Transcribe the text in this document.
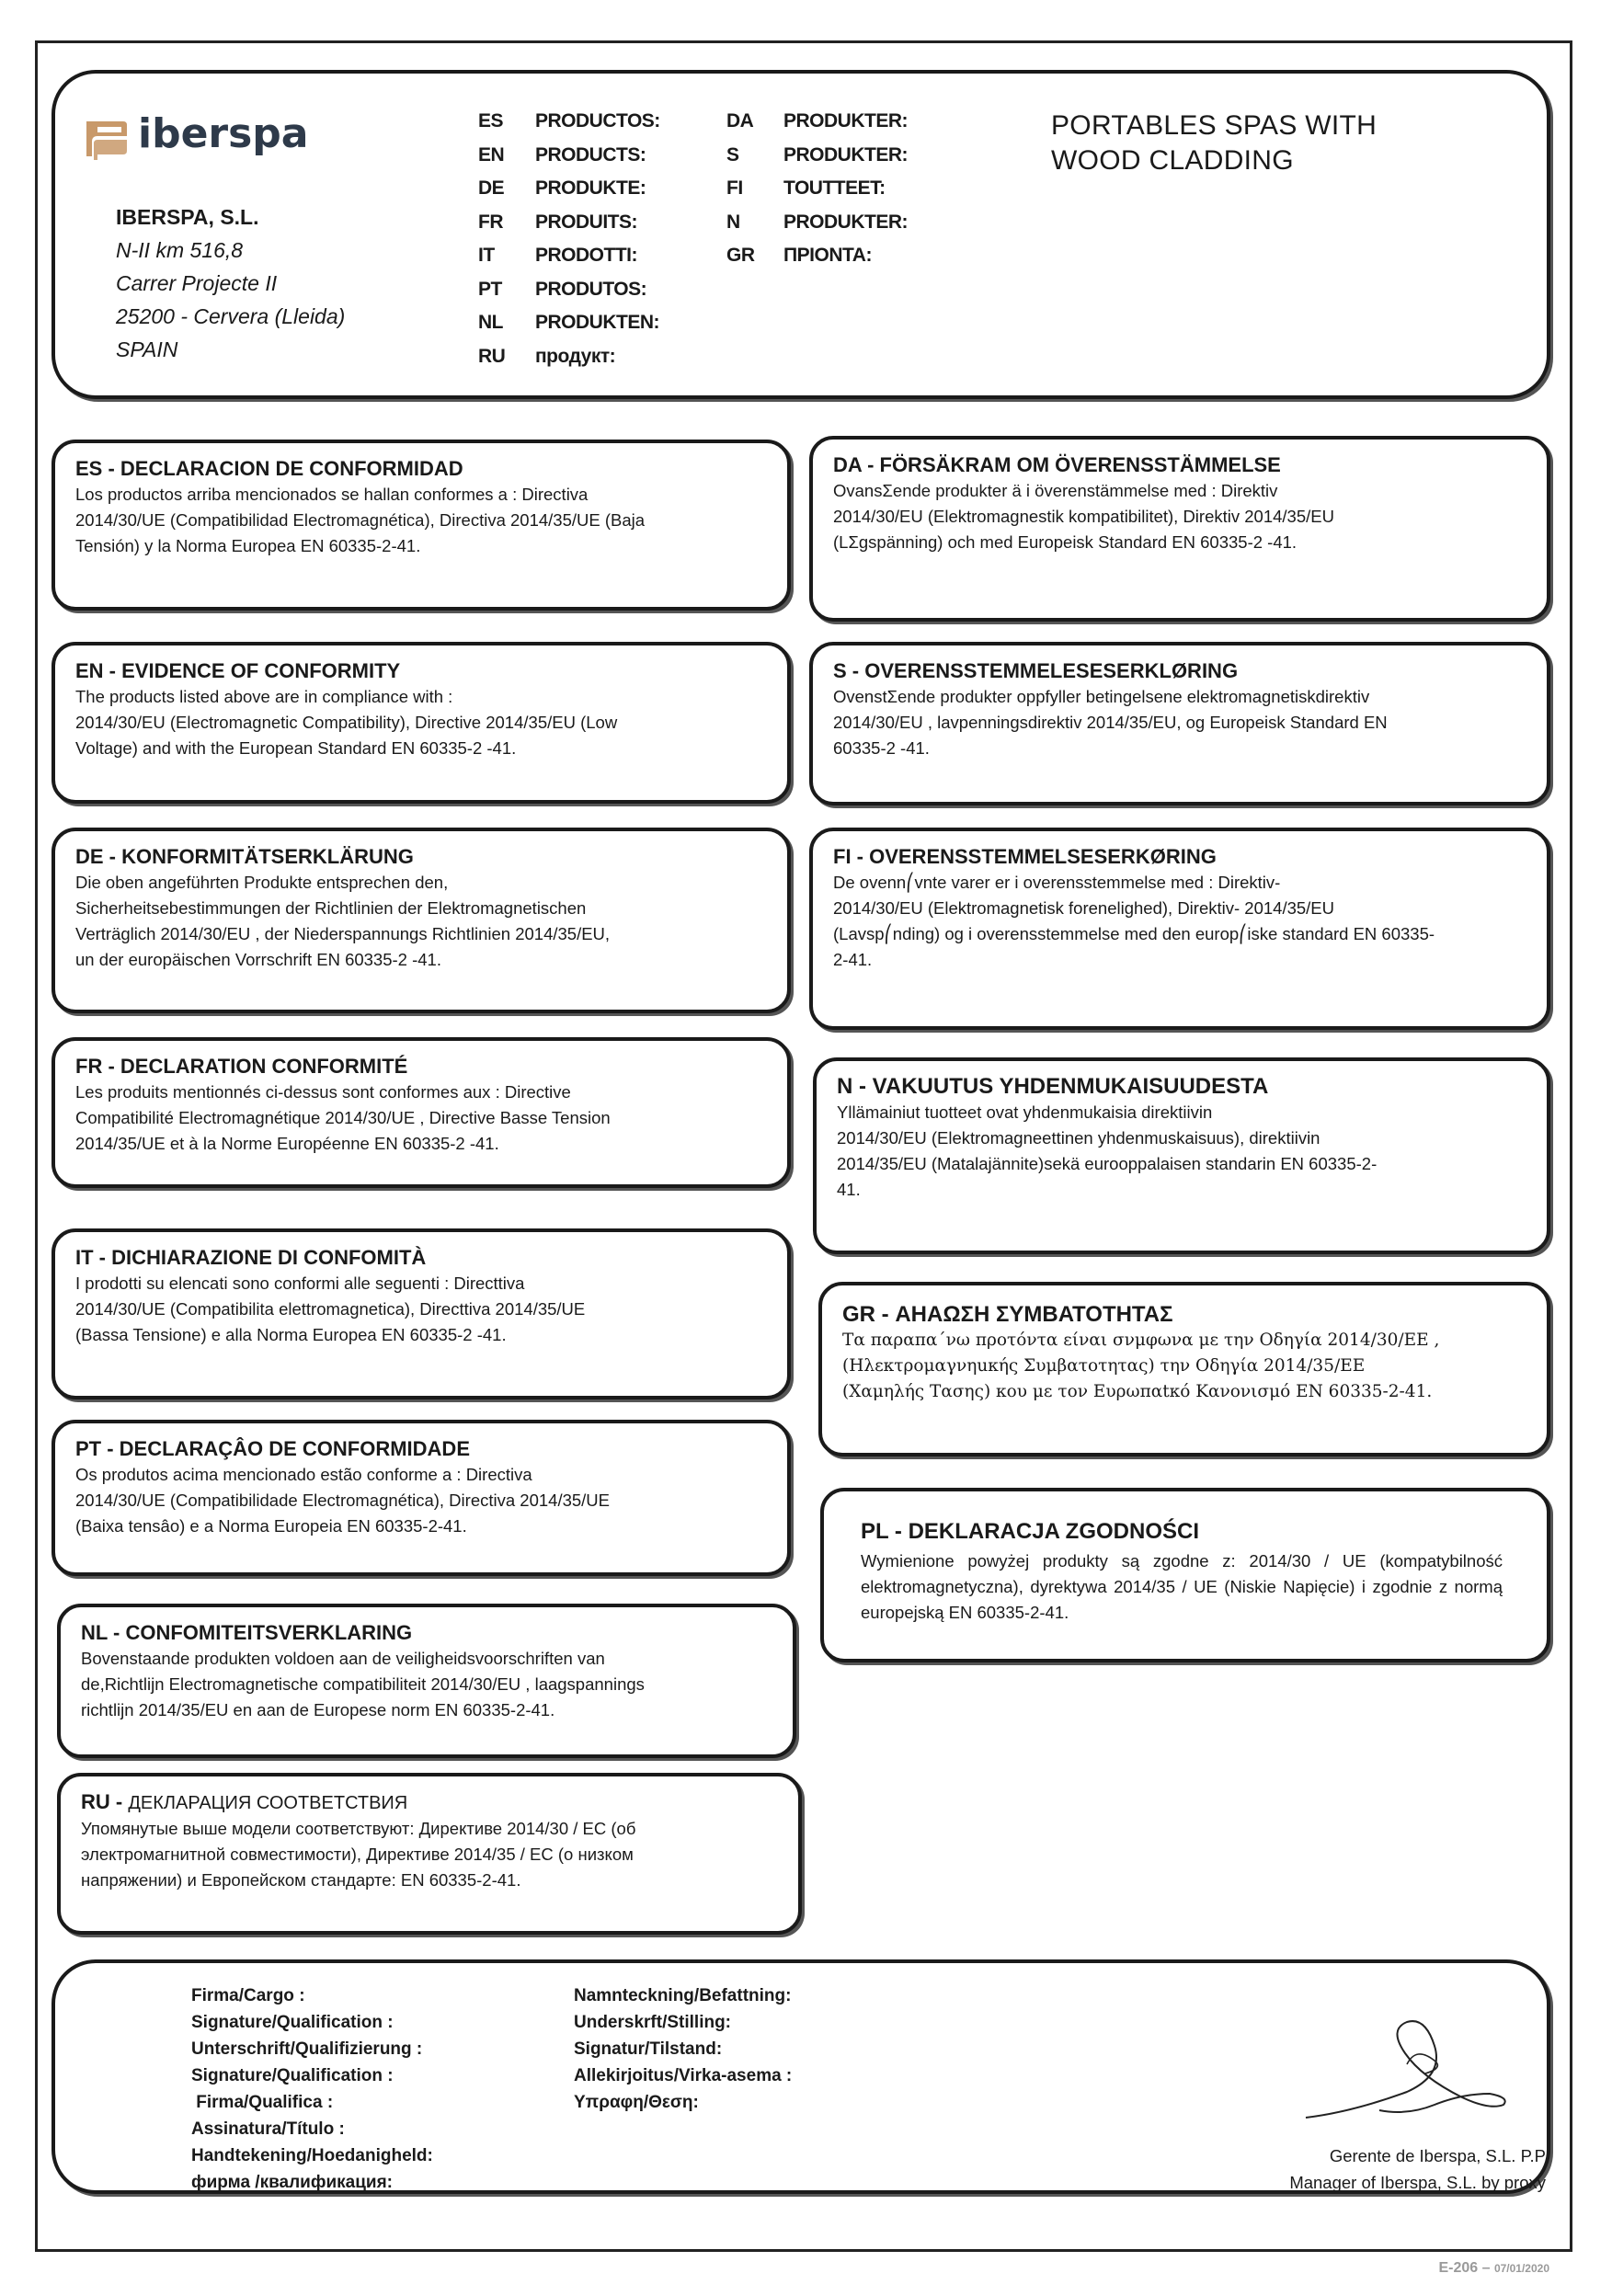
iberspa
IBERSPA, S.L.
N-II km 516,8
Carrer Projecte II
25200 - Cervera (Lleida)
SPAIN
ES
EN
DE
FR
IT
PT
NL
RU
PRODUCTOS:
PRODUCTS:
PRODUKTE:
PRODUITS:
PRODOTTI:
PRODUTOS:
PRODUKTEN:
продукт:
DA
S
FI
N
GR
PRODUKTER:
PRODUKTER:
TOUTTEET:
PRODUKTER:
ΠΡΙΟΝΤΑ:
PORTABLES SPAS WITH
WOOD CLADDING
ES - DECLARACION DE CONFORMIDAD
Los productos arriba mencionados se hallan conformes a : Directiva
2014/30/UE (Compatibilidad Electromagnética), Directiva 2014/35/UE (Baja
Tensión) y la Norma Europea EN 60335-2-41.
EN - EVIDENCE OF CONFORMITY
The products listed above are in compliance with :
2014/30/EU (Electromagnetic Compatibility), Directive 2014/35/EU (Low
Voltage) and with the European Standard EN 60335-2 -41.
DE - KONFORMITÄTSERKLÄRUNG
Die oben angeführten Produkte entsprechen den,
Sicherheitsebestimmungen der Richtlinien der Elektromagnetischen
Verträglich 2014/30/EU , der Niederspannungs Richtlinien 2014/35/EU,
un der europäischen Vorrschrift EN 60335-2 -41.
FR - DECLARATION CONFORMITÉ
Les produits mentionnés ci-dessus sont conformes aux : Directive
Compatibilité Electromagnétique 2014/30/UE , Directive Basse Tension
2014/35/UE et à la Norme Européenne EN 60335-2 -41.
IT - DICHIARAZIONE DI CONFOMITÀ
I prodotti su elencati sono conformi alle seguenti : Directtiva
2014/30/UE (Compatibilita elettromagnetica), Directtiva 2014/35/UE
(Bassa Tensione) e alla Norma Europea EN 60335-2 -41.
PT - DECLARAÇÂO DE CONFORMIDADE
Os produtos acima mencionado estão conforme a : Directiva
2014/30/UE (Compatibilidade Electromagnética), Directiva 2014/35/UE
(Baixa tensâo) e a Norma Europeia EN 60335-2-41.
NL - CONFOMITEITSVERKLARING
Bovenstaande produkten voldoen aan de veiligheidsvoorschriften van
de,Richtlijn Electromagnetische compatibiliteit 2014/30/EU , laagspannings
richtlijn 2014/35/EU en aan de Europese norm EN 60335-2-41.
RU - ДЕКЛАРАЦИЯ СООТВЕТСТВИЯ
Упомянутые выше модели соответствуют: Директиве 2014/30 / EC (об
электромагнитной совместимости), Директиве 2014/35 / EC (о низком
напряжении) и Европейском стандарте: EN 60335-2-41.
DA - FÖRSÄKRAM OM ÖVERENSSTÄMMELSE
OvansΣende produkter ä i överenstämmelse med : Direktiv
2014/30/EU (Elektromagnestik kompatibilitet), Direktiv 2014/35/EU
(LΣgspänning) och med Europeisk Standard EN 60335-2 -41.
S - OVERENSSTEMMELESESERKLØRING
OvenstΣende produkter oppfyller betingelsene elektromagnetiskdirektiv
2014/30/EU , lavpenningsdirektiv 2014/35/EU, og Europeisk Standard EN
60335-2 -41.
FI - OVERENSSTEMMELSESERKØRING
De ovenn⎛vnte varer er i overensstemmelse med : Direktiv-
2014/30/EU (Elektromagnetisk forenelighed), Direktiv- 2014/35/EU
(Lavsp⎛nding) og i overensstemmelse med den europ⎛iske standard EN 60335-
2-41.
N - VAKUUTUS YHDENMUKAISUUDESTA
Yllämainiut tuotteet ovat yhdenmukaisia direktiivin
2014/30/EU (Elektromagneettinen yhdenmuskaisuus), direktiivin
2014/35/EU (Matalajännite)sekä eurooppalaisen standarin EN 60335-2-
41.
GR - ΑΗΑΩΣΗ ΣΥΜΒΑΤΟΤΗΤΑΣ
Τα παραπα΄νω προτόντα είναι σνμφωνα με την Οδηγία 2014/30/ΕΕ ,
(Ηλεκτρομαγνηuκής Συμβατοτητας) την Οδηγία 2014/35/ΕΕ
(Χαμηλής Τασης) κου με τον Ευρωπαtκό Κανονισμό EN 60335-2-41.
PL - DEKLARACJA ZGODNOŚCI
Wymienione powyżej produkty są zgodne z: 2014/30 / UE (kompatybilność elektromagnetyczna), dyrektywa 2014/35 / UE (Niskie Napięcie) i zgodnie z normą europejską EN 60335-2-41.
Firma/Cargo :
Signature/Qualification :
Unterschrift/Qualifizierung :
Signature/Qualification :
Firma/Qualifica :
Assinatura/Título :
Handtekening/Hoedanigheld:
фирма /квалификация:
Namnteckning/Befattning:
Underskrft/Stilling:
Signatur/Tilstand:
Allekirjoitus/Virka-asema :
Υπραφη/Θεση:
Gerente de Iberspa, S.L. P.P
Manager of Iberspa, S.L. by proxy
E-206 – 07/01/2020
